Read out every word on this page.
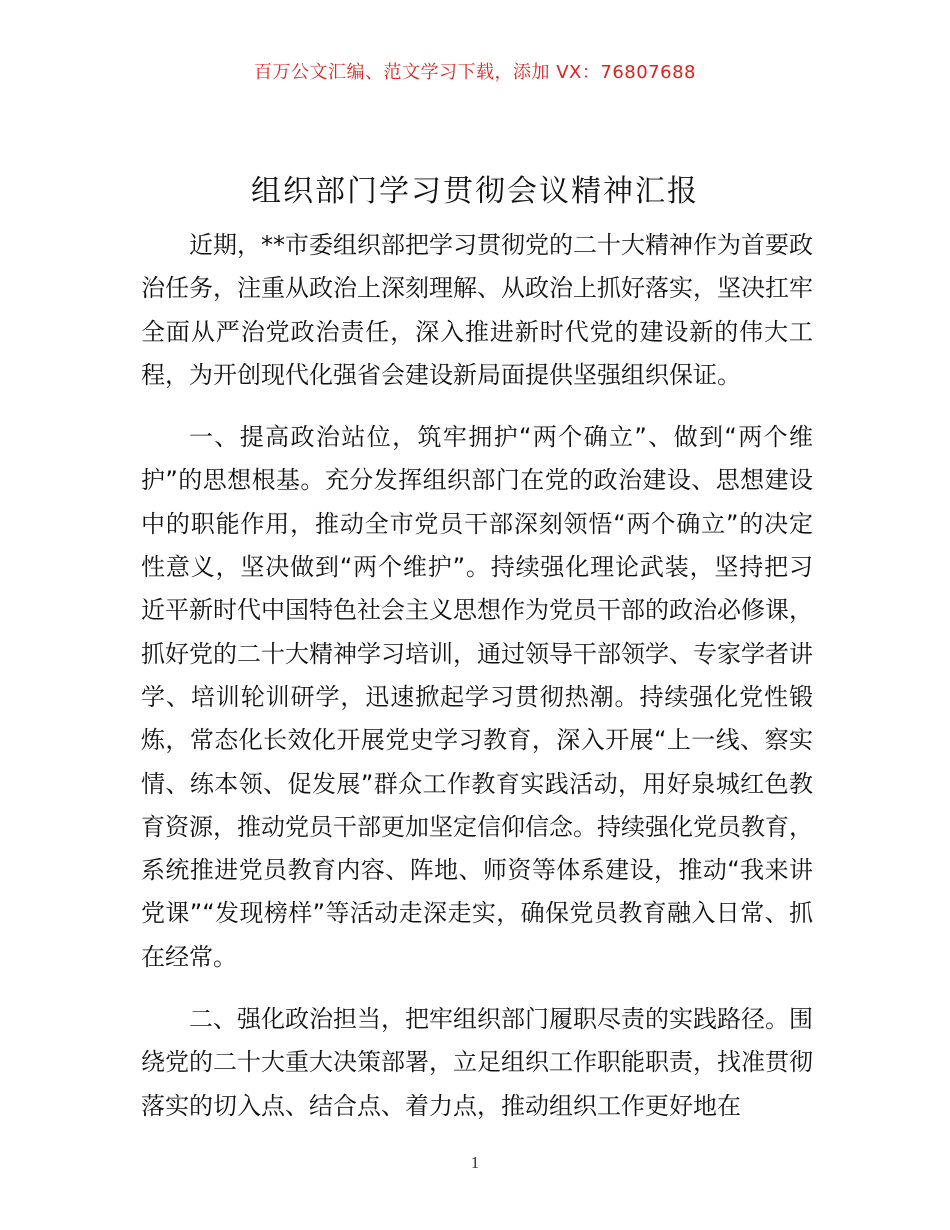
百万公文汇编、范文学习下载，添加 VX：76807688
组织部门学习贯彻会议精神汇报

近期，**市委组织部把学习贯彻党的二十大精神作为首要政治任务，注重从政治上深刻理解、从政治上抓好落实，坚决扛牢全面从严治党政治责任，深入推进新时代党的建设新的伟大工程，为开创现代化强省会建设新局面提供坚强组织保证。

一、提高政治站位，筑牢拥护“两个确立”、做到“两个维护”的思想根基。充分发挥组织部门在党的政治建设、思想建设中的职能作用，推动全市党员干部深刻领悟“两个确立”的决定性意义，坚决做到“两个维护”。持续强化理论武装，坚持把习近平新时代中国特色社会主义思想作为党员干部的政治必修课，抓好党的二十大精神学习培训，通过领导干部领学、专家学者讲学、培训轮训研学，迅速掀起学习贯彻热潮。持续强化党性锻炼，常态化长效化开展党史学习教育，深入开展“上一线、察实情、练本领、促发展”群众工作教育实践活动，用好泉城红色教育资源，推动党员干部更加坚定信仰信念。持续强化党员教育，系统推进党员教育内容、阵地、师资等体系建设，推动“我来讲党课”“发现榜样”等活动走深走实，确保党员教育融入日常、抓在经常。

二、强化政治担当，把牢组织部门履职尽责的实践路径。围绕党的二十大重大决策部署，立足组织工作职能职责，找准贯彻落实的切入点、结合点、着力点，推动组织工作更好地在

1
